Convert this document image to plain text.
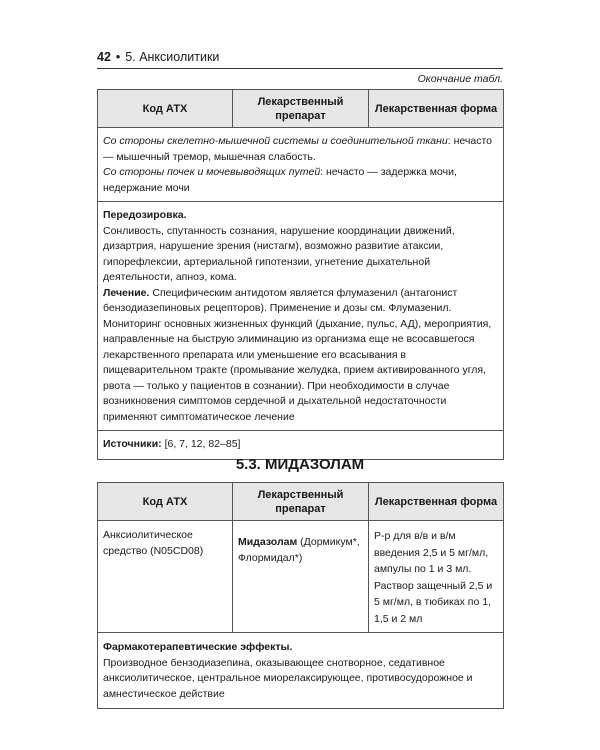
42 • 5. Анксиолитики
Окончание табл.
Код АТХ	Лекарственный препарат	Лекарственная форма

Со стороны скелетно-мышечной системы и соединительной ткани: нечасто — мышечный тремор, мышечная слабость.

Со стороны почек и мочевыводящих путей: нечасто — задержка мочи, недержание мочи

Передозировка.

Сонливость, спутанность сознания, нарушение координации движений, дизартрия, нарушение зрения (нистагм), возможно развитие атаксии, гипорефлексии, артериальной гипотензии, угнетение дыхательной деятельности, апноэ, кома.

Лечение. Специфическим антидотом является флумазенил (антагонист бензодиазепиновых рецепторов). Применение и дозы см. Флумазенил. Мониторинг основных жизненных функций (дыхание, пульс, АД), мероприятия, направленные на быструю элиминацию из организма еще не всосавшегося лекарственного препарата или уменьшение его всасывания в пищеварительном тракте (промывание желудка, прием активированного угля, рвота — только у пациентов в сознании). При необходимости в случае возникновения симптомов сердечной и дыхательной недостаточности применяют симптоматическое лечение

Источники: [6, 7, 12, 82–85]
5.3. МИДАЗОЛАМ
Код АТХ	Лекарственный препарат	Лекарственная форма
Анксиолитическое средство (N05CD08)	Мидазолам (Дормикум*, Флормидал*)	Р-р для в/в и в/м введения 2,5 и 5 мг/мл, ампулы по 1 и 3 мл. Раствор защечный 2,5 и 5 мг/мл, в тюбиках по 1, 1,5 и 2 мл

Фармакотерапевтические эффекты.

Производное бензодиазепина, оказывающее снотворное, седативное анксиолитическое, центральное миорелаксирующее, противосудорожное и амнестическое действие		
